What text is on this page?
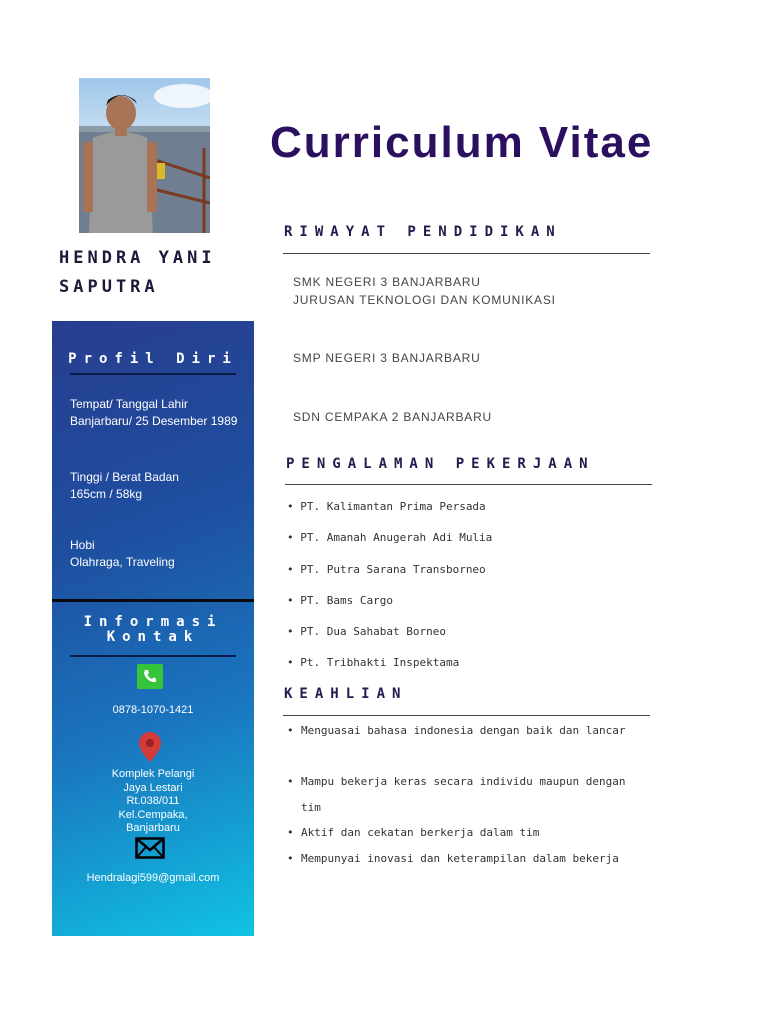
HENDRA YANI
SAPUTRA
Profil Diri
Tempat/ Tanggal Lahir
Banjarbaru/ 25 Desember 1989
Tinggi / Berat Badan
165cm / 58kg
Hobi
Olahraga, Traveling
Informasi
Kontak
0878-1070-1421
Komplek Pelangi
Jaya Lestari
Rt.038/011
Kel.Cempaka,
Banjarbaru
Hendralagi599@gmail.com
Curriculum Vitae
RIWAYAT PENDIDIKAN
SMK NEGERI 3 BANJARBARU
JURUSAN TEKNOLOGI DAN KOMUNIKASI
SMP NEGERI 3 BANJARBARU
SDN CEMPAKA 2 BANJARBARU
PENGALAMAN PEKERJAAN
• PT. Kalimantan Prima Persada
• PT. Amanah Anugerah Adi Mulia
• PT. Putra Sarana Transborneo
• PT. Bams Cargo
• PT. Dua Sahabat Borneo
• Pt. Tribhakti Inspektama
KEAHLIAN
• Menguasai bahasa indonesia dengan baik dan lancar
• Mampu bekerja keras secara individu maupun dengan tim
• Aktif dan cekatan berkerja dalam tim
• Mempunyai inovasi dan keterampilan dalam bekerja
